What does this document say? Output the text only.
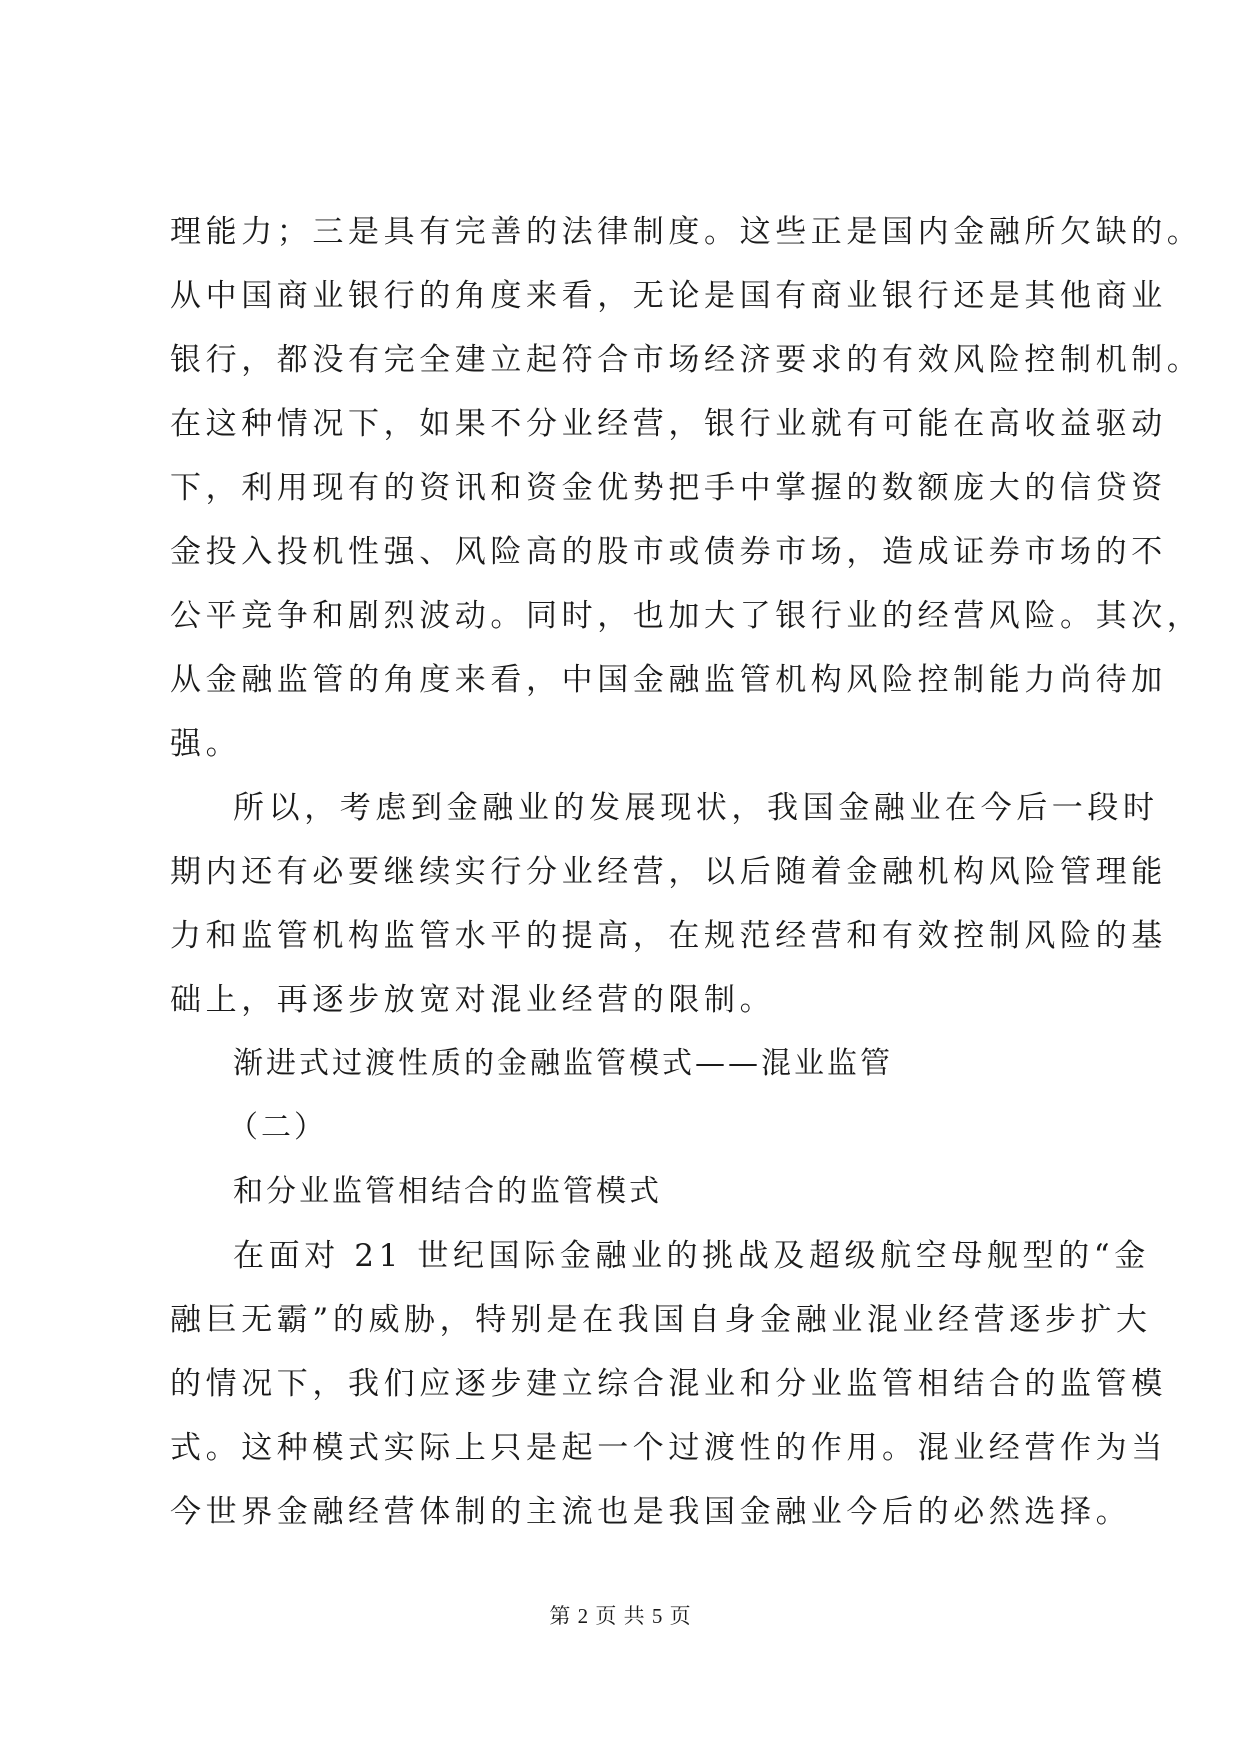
理能力；三是具有完善的法律制度。这些正是国内金融所欠缺的。
从中国商业银行的角度来看，无论是国有商业银行还是其他商业
银行，都没有完全建立起符合市场经济要求的有效风险控制机制。
在这种情况下，如果不分业经营，银行业就有可能在高收益驱动
下，利用现有的资讯和资金优势把手中掌握的数额庞大的信贷资
金投入投机性强、风险高的股市或债券市场，造成证券市场的不
公平竞争和剧烈波动。同时，也加大了银行业的经营风险。其次，
从金融监管的角度来看，中国金融监管机构风险控制能力尚待加
强。
所以，考虑到金融业的发展现状，我国金融业在今后一段时
期内还有必要继续实行分业经营，以后随着金融机构风险管理能
力和监管机构监管水平的提高，在规范经营和有效控制风险的基
础上，再逐步放宽对混业经营的限制。
渐进式过渡性质的金融监管模式——混业监管
（二）
和分业监管相结合的监管模式
在面对 21 世纪国际金融业的挑战及超级航空母舰型的“金
融巨无霸”的威胁，特别是在我国自身金融业混业经营逐步扩大
的情况下，我们应逐步建立综合混业和分业监管相结合的监管模
式。这种模式实际上只是起一个过渡性的作用。混业经营作为当
今世界金融经营体制的主流也是我国金融业今后的必然选择。
第 2 页 共 5 页
